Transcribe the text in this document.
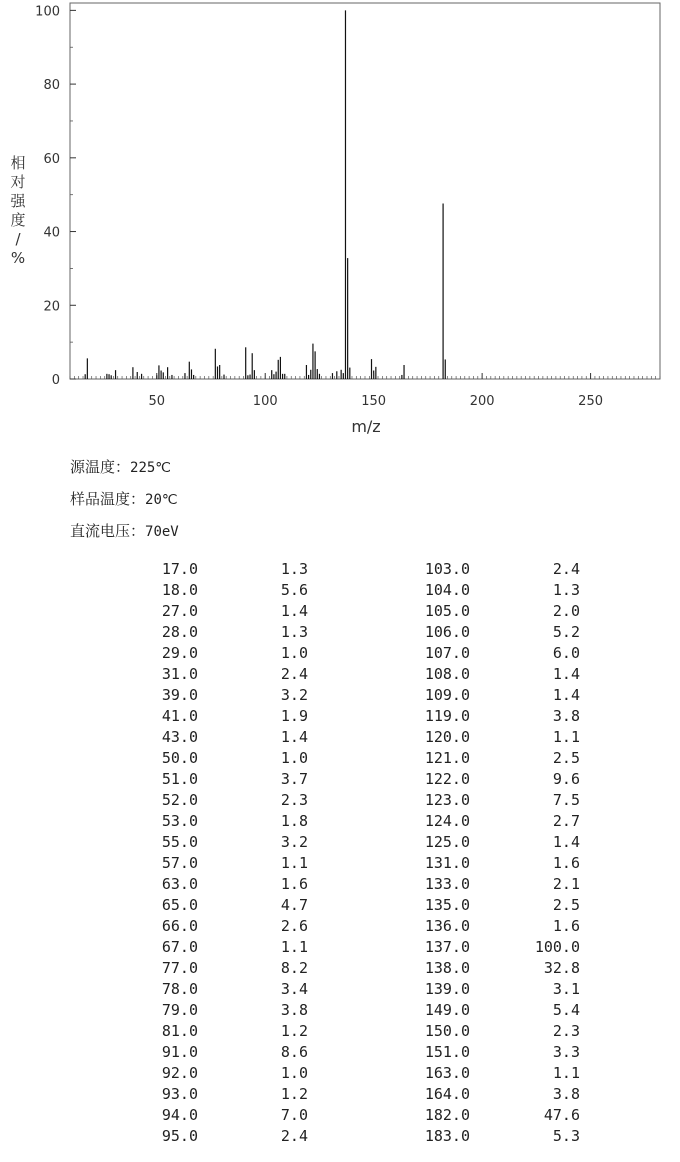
50	100	150	200	250
0
20
40
60
80
100
m/z
相对强度/ %
源温度：225℃
样品温度：20℃
直流电压：70eV
17.0	1.3	103.0	2.4
18.0	5.6	104.0	1.3
27.0	1.4	105.0	2.0
28.0	1.3	106.0	5.2
29.0	1.0	107.0	6.0
31.0	2.4	108.0	1.4
39.0	3.2	109.0	1.4
41.0	1.9	119.0	3.8
43.0	1.4	120.0	1.1
50.0	1.0	121.0	2.5
51.0	3.7	122.0	9.6
52.0	2.3	123.0	7.5
53.0	1.8	124.0	2.7
55.0	3.2	125.0	1.4
57.0	1.1	131.0	1.6
63.0	1.6	133.0	2.1
65.0	4.7	135.0	2.5
66.0	2.6	136.0	1.6
67.0	1.1	137.0	100.0
77.0	8.2	138.0	32.8
78.0	3.4	139.0	3.1
79.0	3.8	149.0	5.4
81.0	1.2	150.0	2.3
91.0	8.6	151.0	3.3
92.0	1.0	163.0	1.1
93.0	1.2	164.0	3.8
94.0	7.0	182.0	47.6
95.0	2.4	183.0	5.3
